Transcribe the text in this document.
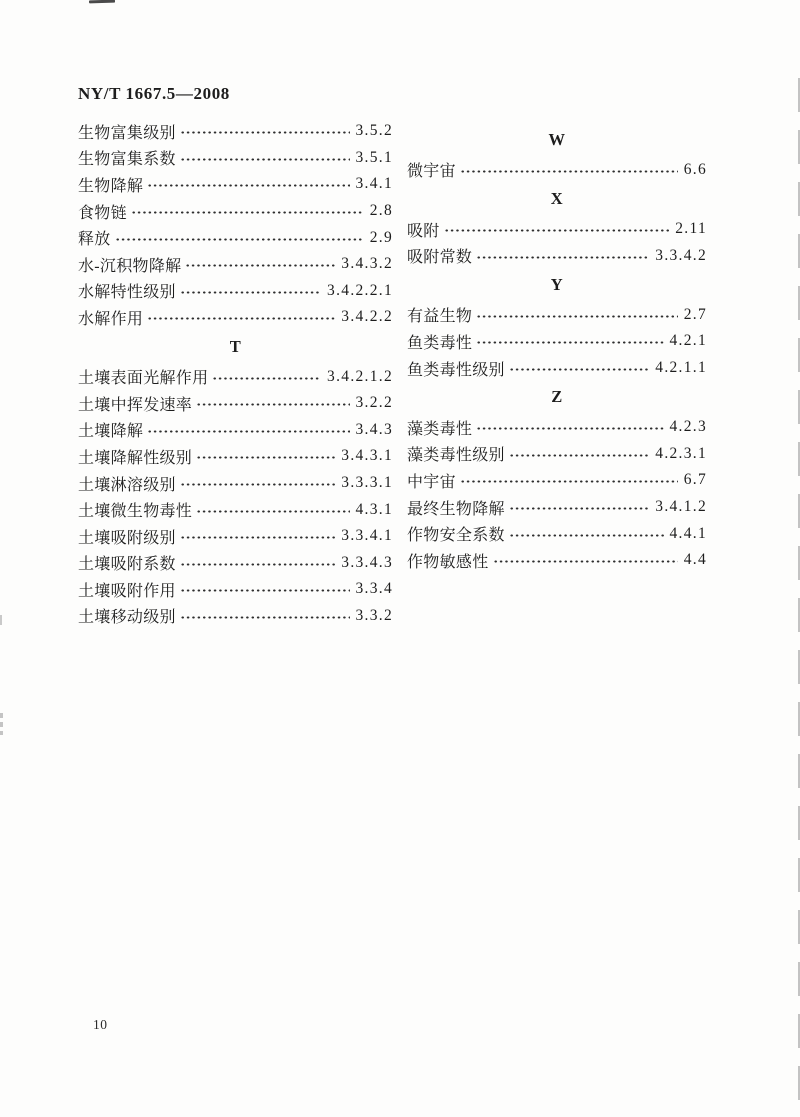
NY/T 1667.5—2008
生物富集级别	3.5.2
生物富集系数	3.5.1
生物降解	3.4.1
食物链	2.8
释放	2.9
水-沉积物降解	3.4.3.2
水解特性级别	3.4.2.2.1
水解作用	3.4.2.2
T
土壤表面光解作用	3.4.2.1.2
土壤中挥发速率	3.2.2
土壤降解	3.4.3
土壤降解性级别	3.4.3.1
土壤淋溶级别	3.3.3.1
土壤微生物毒性	4.3.1
土壤吸附级别	3.3.4.1
土壤吸附系数	3.3.4.3
土壤吸附作用	3.3.4
土壤移动级别	3.3.2
W
微宇宙	6.6
X
吸附	2.11
吸附常数	3.3.4.2
Y
有益生物	2.7
鱼类毒性	4.2.1
鱼类毒性级别	4.2.1.1
Z
藻类毒性	4.2.3
藻类毒性级别	4.2.3.1
中宇宙	6.7
最终生物降解	3.4.1.2
作物安全系数	4.4.1
作物敏感性	4.4
10
